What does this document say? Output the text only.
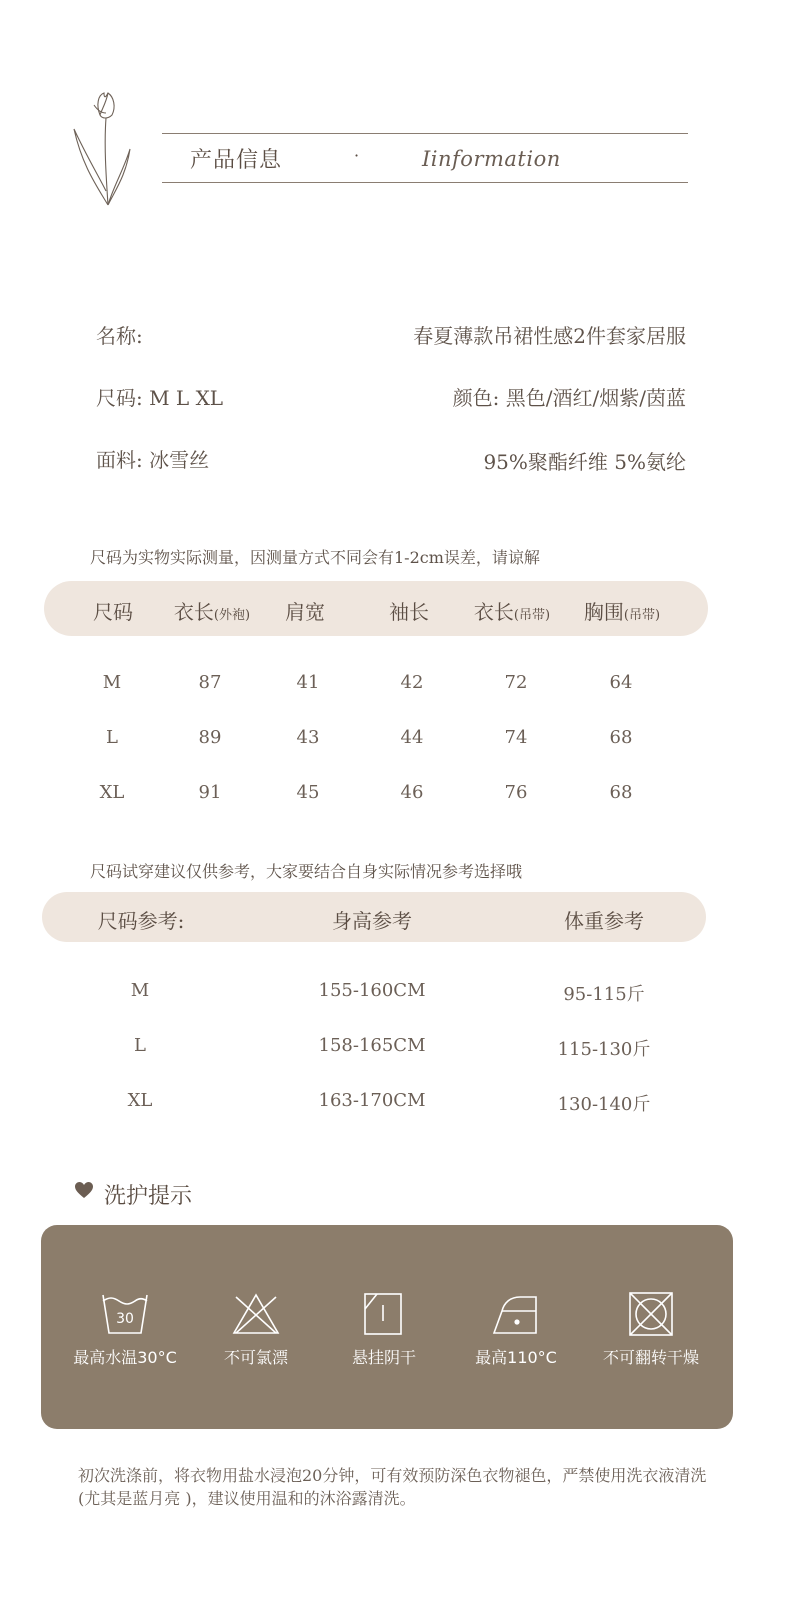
产品信息	·	Iinformation
名称:	春夏薄款吊裙性感2件套家居服
尺码: M L XL	颜色: 黑色/酒红/烟紫/茵蓝
面料: 冰雪丝	95%聚酯纤维 5%氨纶
尺码为实物实际测量，因测量方式不同会有1-2cm误差，请谅解
尺码	衣长(外袍)	肩宽	袖长	衣长(吊带)	胸围(吊带)
M	87	41	42	72	64
L	89	43	44	74	68
XL	91	45	46	76	68
尺码试穿建议仅供参考，大家要结合自身实际情况参考选择哦
尺码参考:	身高参考	体重参考
M	155-160CM	95-115斤
L	158-165CM	115-130斤
XL	163-170CM	130-140斤
洗护提示
30
最高水温30°C	不可氯漂	悬挂阴干	最高110°C	不可翻转干燥
初次洗涤前，将衣物用盐水浸泡20分钟，可有效预防深色衣物褪色，严禁使用洗衣液清洗(尤其是蓝月亮 )，建议使用温和的沐浴露清洗。
